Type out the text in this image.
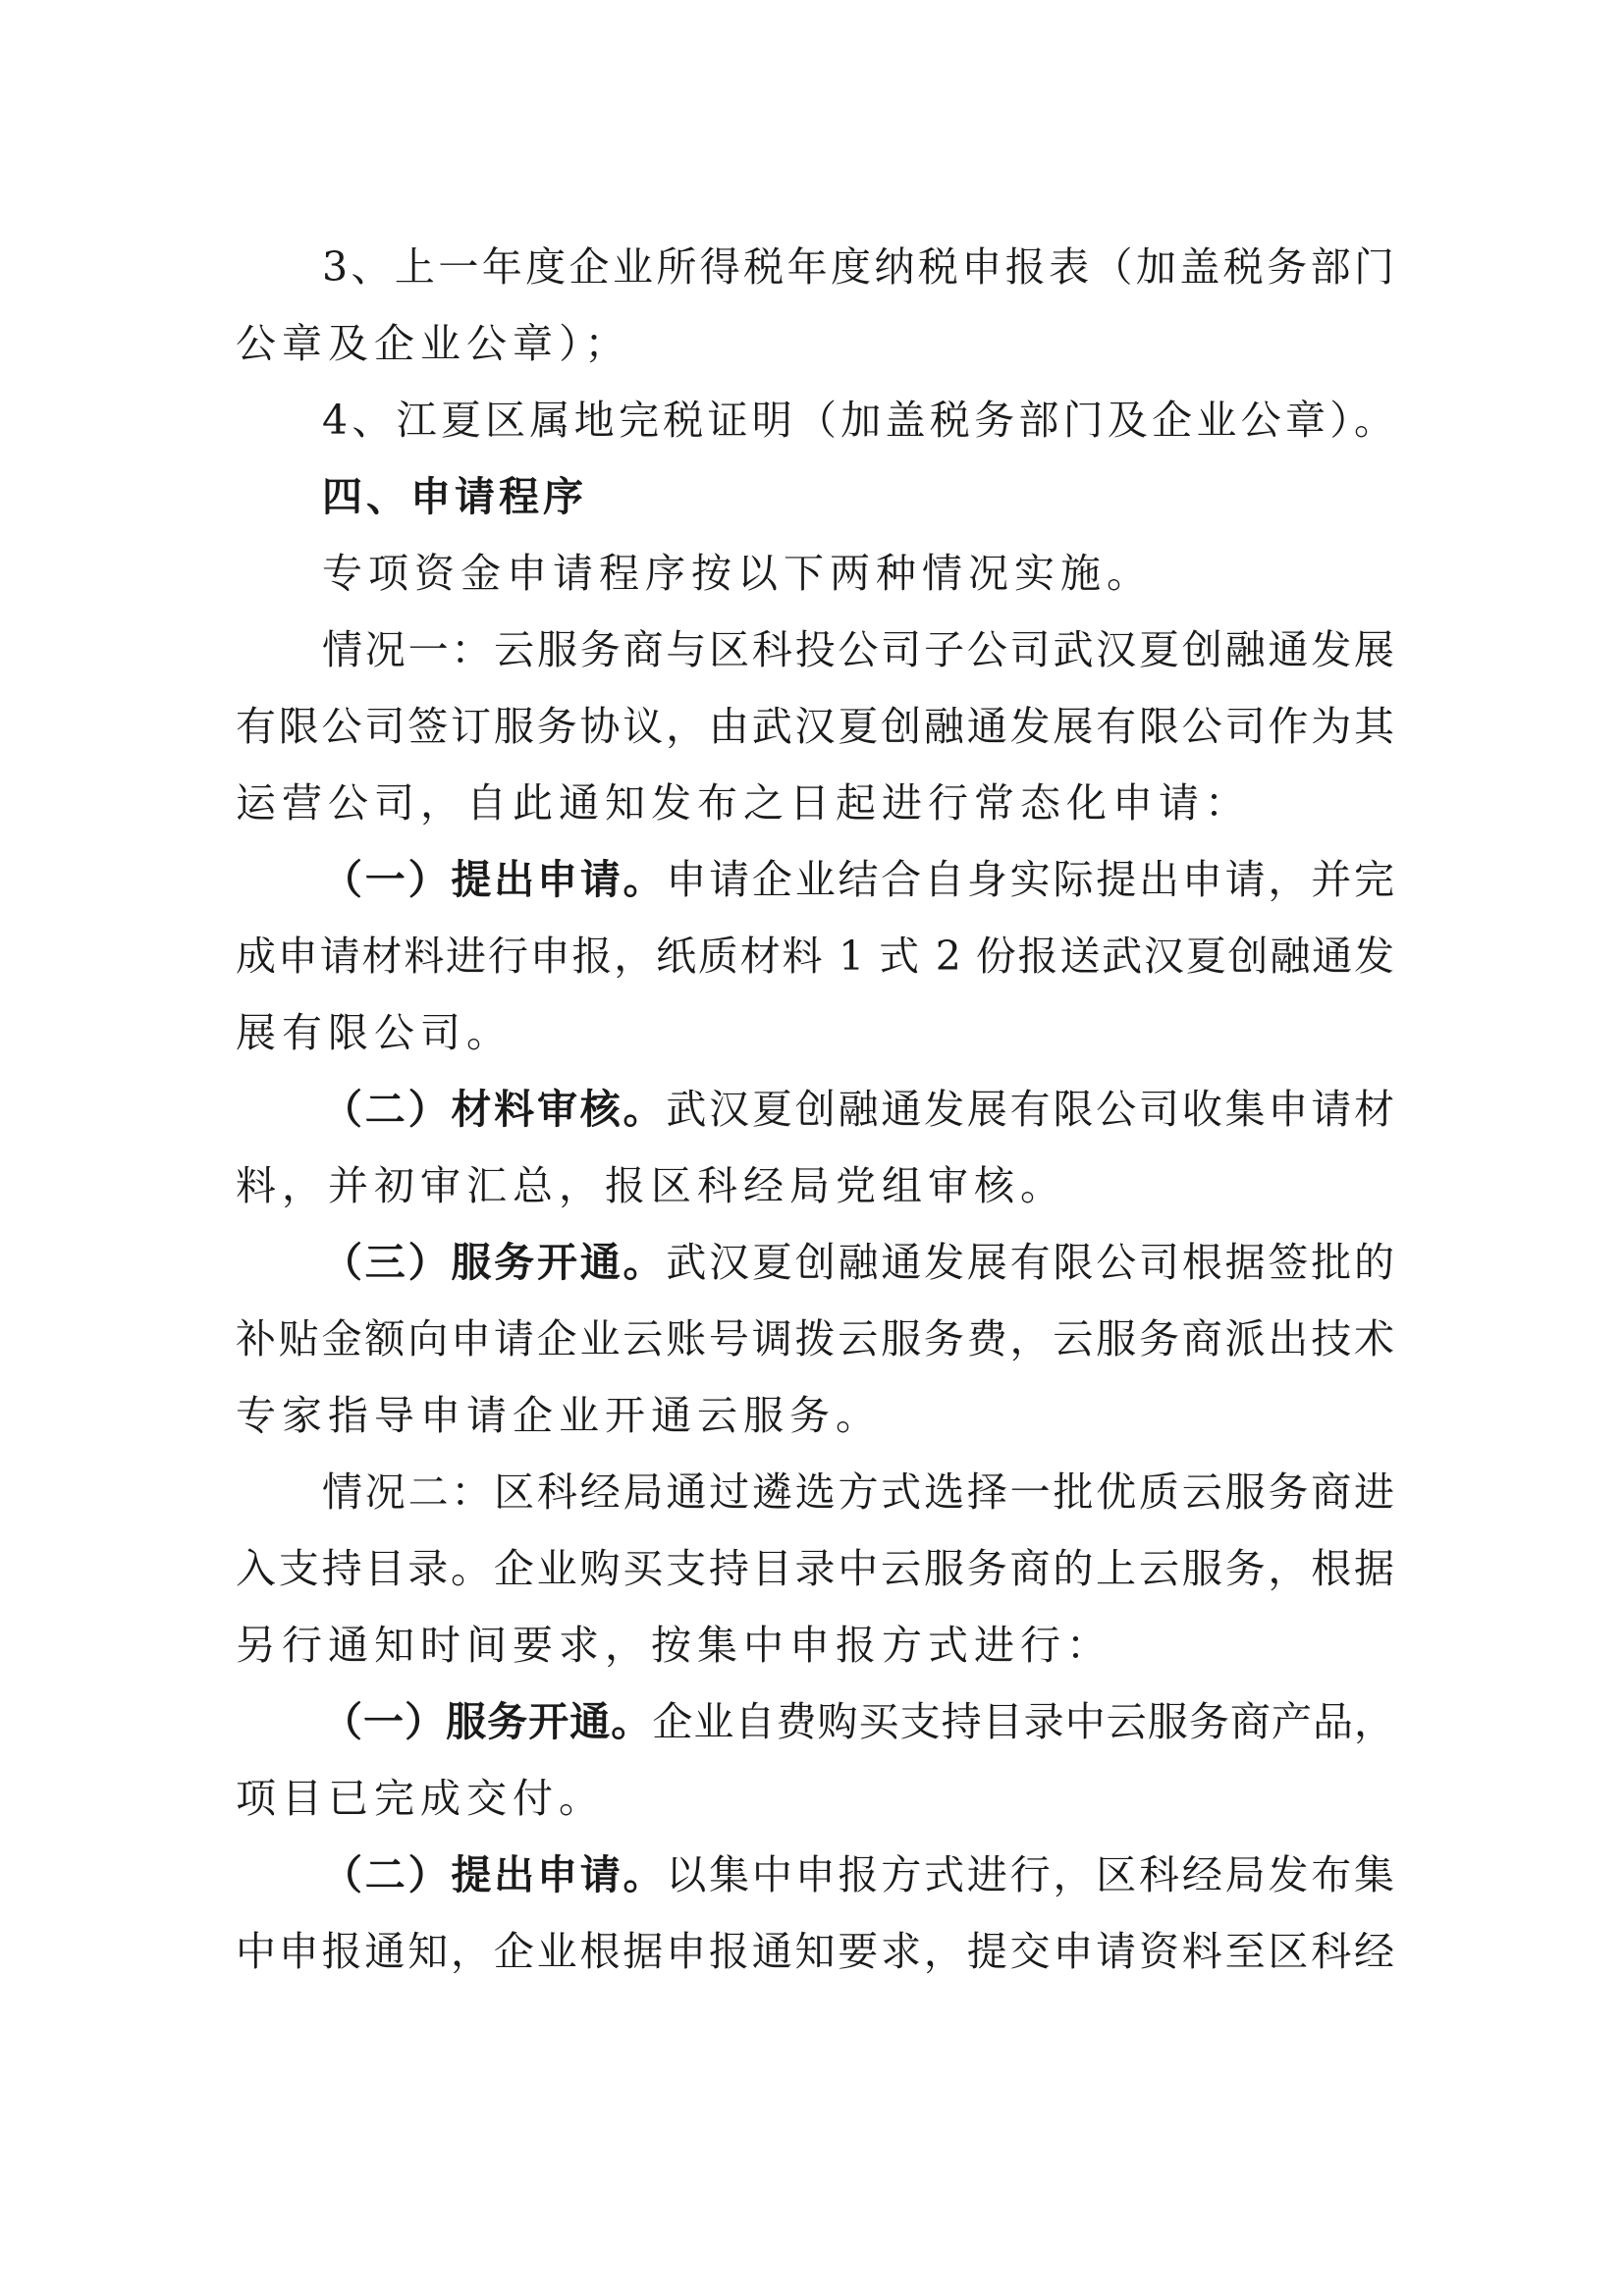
3、上一年度企业所得税年度纳税申报表（加盖税务部门
公章及企业公章）；
4、江夏区属地完税证明（加盖税务部门及企业公章）。
四、申请程序
专项资金申请程序按以下两种情况实施。
情况一：云服务商与区科投公司子公司武汉夏创融通发展
有限公司签订服务协议，由武汉夏创融通发展有限公司作为其
运营公司，自此通知发布之日起进行常态化申请：
（一）提出申请。申请企业结合自身实际提出申请，并完
成申请材料进行申报，纸质材料 1 式 2 份报送武汉夏创融通发
展有限公司。
（二）材料审核。武汉夏创融通发展有限公司收集申请材
料，并初审汇总，报区科经局党组审核。
（三）服务开通。武汉夏创融通发展有限公司根据签批的
补贴金额向申请企业云账号调拨云服务费，云服务商派出技术
专家指导申请企业开通云服务。
情况二：区科经局通过遴选方式选择一批优质云服务商进
入支持目录。企业购买支持目录中云服务商的上云服务，根据
另行通知时间要求，按集中申报方式进行：
（一）服务开通。企业自费购买支持目录中云服务商产品，
项目已完成交付。
（二）提出申请。以集中申报方式进行，区科经局发布集
中申报通知，企业根据申报通知要求，提交申请资料至区科经
